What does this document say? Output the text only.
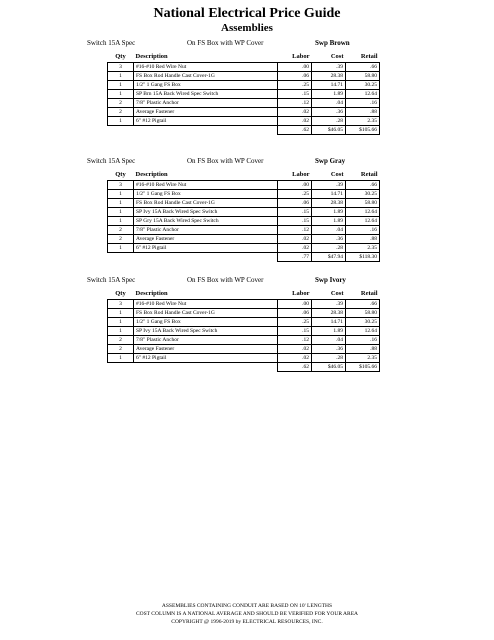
National Electrical Price Guide
Assemblies
Switch 15A Spec	On FS Box with WP Cover	Swp Brown
Qty	Description	Labor	Cost	Retail
3	#16-#10 Red Wire Nut	.00	.39	.66
1	FS Box Rod Handle Cast Cover-1G	.06	28.38	58.80
1	1/2" 1 Gang FS Box	.25	14.71	30.25
1	SP Brn 15A Back Wired Spec Switch	.15	1.89	12.64
2	7/8" Plastic Anchor	.12	.04	.16
2	Average Fastener	.02	.36	.88
1	6" #12 Pigtail	.02	.28	2.35
		.62	$46.05	$105.66
Switch 15A Spec	On FS Box with WP Cover	Swp Gray
Qty	Description	Labor	Cost	Retail
3	#16-#10 Red Wire Nut	.00	.39	.66
1	1/2" 1 Gang FS Box	.25	14.71	30.25
1	FS Box Rod Handle Cast Cover-1G	.06	28.38	58.80
1	SP Ivy 15A Back Wired Spec Switch	.15	1.89	12.64
1	SP Gry 15A Back Wired Spec Switch	.15	1.89	12.64
2	7/8" Plastic Anchor	.12	.04	.16
2	Average Fastener	.02	.36	.88
1	6" #12 Pigtail	.02	.28	2.35
		.77	$47.94	$118.30
Switch 15A Spec	On FS Box with WP Cover	Swp Ivory
Qty	Description	Labor	Cost	Retail
3	#16-#10 Red Wire Nut	.00	.39	.66
1	FS Box Rod Handle Cast Cover-1G	.06	28.38	58.80
1	1/2" 1 Gang FS Box	.25	14.71	30.25
1	SP Ivy 15A Back Wired Spec Switch	.15	1.89	12.64
2	7/8" Plastic Anchor	.12	.04	.16
2	Average Fastener	.02	.36	.88
1	6" #12 Pigtail	.02	.28	2.35
		.62	$46.05	$105.66
ASSEMBLIES CONTAINING CONDUIT ARE BASED ON 10' LENGTHS
COST COLUMN IS A NATIONAL AVERAGE AND SHOULD BE VERIFIED FOR YOUR AREA
COPYRIGHT @ 1996-2019 by ELECTRICAL RESOURCES, INC.
